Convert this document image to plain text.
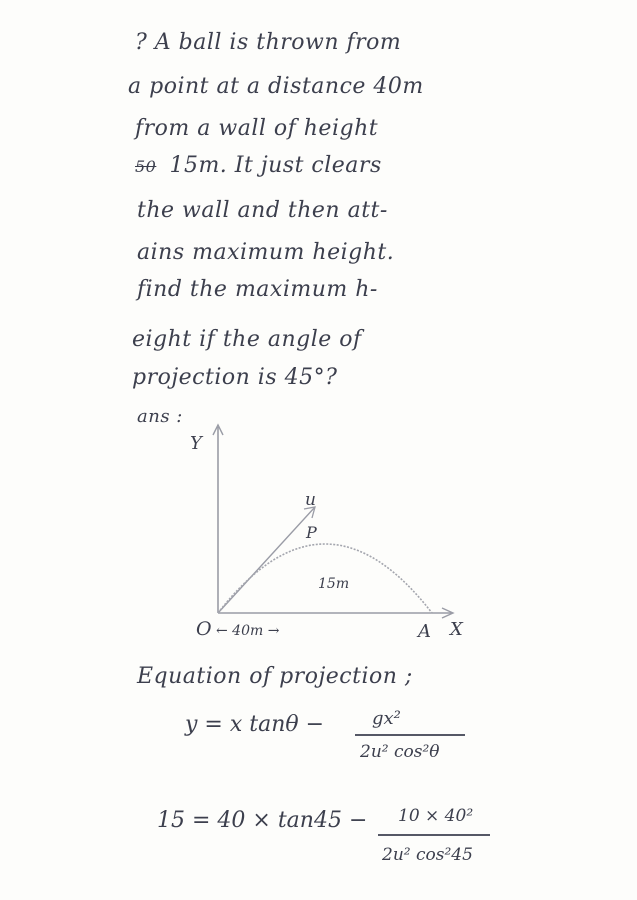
? A ball is thrown from
a point at a distance 40m
from a wall of height
50 15m. It just clears
the wall and then att-
ains maximum height.
find the maximum h-
eight if the angle of
projection is 45°?
ans :
Y
u
P
15m
O ← 40m →	A X
Equation of projection ;
y = x tanθ −	gx²
2u² cos²θ
15 = 40 × tan45 − 10 × 40²
2u² cos²45
